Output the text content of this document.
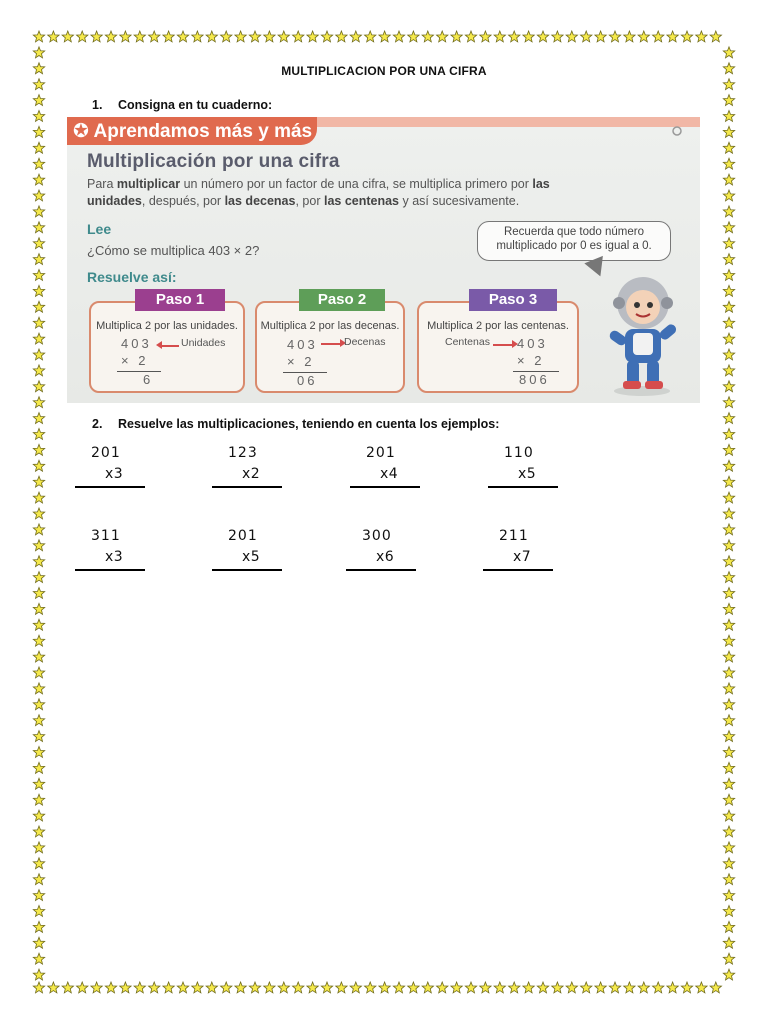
MULTIPLICACION POR UNA CIFRA
1. Consigna en tu cuaderno:
✪ Aprendamos más y más
Multiplicación por una cifra
Para multiplicar un número por un factor de una cifra, se multiplica primero por las unidades, después, por las decenas, por las centenas y así sucesivamente.
Lee
¿Cómo se multiplica 403 × 2?
Resuelve así:
Recuerda que todo número
multiplicado por 0 es igual a 0.
Paso 1
Multiplica 2 por las unidades.
403	Unidades
× 2
6
Paso 2
Multiplica 2 por las decenas.
403	Decenas
× 2
06
Paso 3
Multiplica 2 por las centenas.
Centenas 403
× 2
806
2. Resuelve las multiplicaciones, teniendo en cuenta los ejemplos:
201
x3
123
x2
201
x4
110
x5
311
x3
201
x5
300
x6
211
x7
